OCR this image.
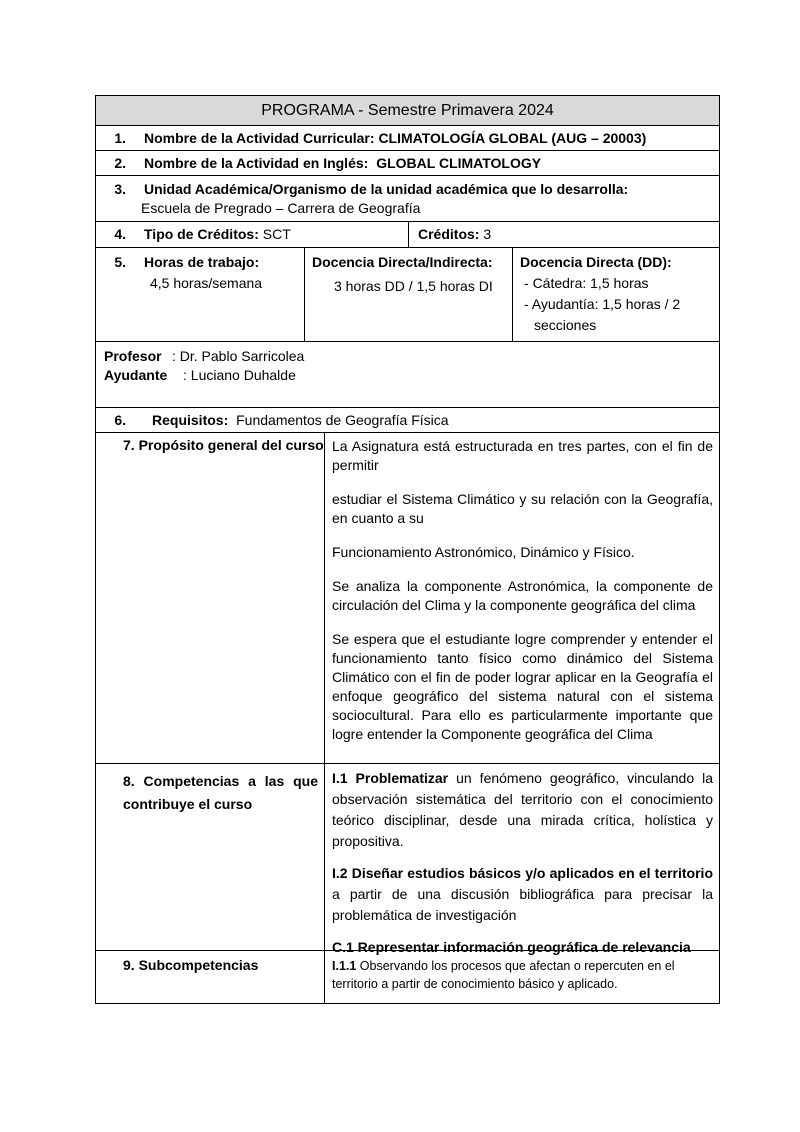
PROGRAMA - Semestre Primavera 2024
1. Nombre de la Actividad Curricular: CLIMATOLOGÍA GLOBAL (AUG – 20003)
2. Nombre de la Actividad en Inglés: GLOBAL CLIMATOLOGY
3. Unidad Académica/Organismo de la unidad académica que lo desarrolla:
Escuela de Pregrado – Carrera de Geografía
4. Tipo de Créditos: SCT	Créditos: 3
5. Horas de trabajo:
4,5 horas/semana
Docencia Directa/Indirecta:
3 horas DD / 1,5 horas DI
Docencia Directa (DD):
- Cátedra: 1,5 horas
- Ayudantía: 1,5 horas / 2
secciones
Profesor : Dr. Pablo Sarricolea
Ayudante : Luciano Duhalde
6. Requisitos: Fundamentos de Geografía Física
7. Propósito general del curso La Asignatura está estructurada en tres partes, con el fin de permitir

estudiar el Sistema Climático y su relación con la Geografía, en cuanto a su

Funcionamiento Astronómico, Dinámico y Físico.

Se analiza la componente Astronómica, la componente de circulación del Clima y la componente geográfica del clima

Se espera que el estudiante logre comprender y entender el funcionamiento tanto físico como dinámico del Sistema Climático con el fin de poder lograr aplicar en la Geografía el enfoque geográfico del sistema natural con el sistema sociocultural. Para ello es particularmente importante que logre entender la Componente geográfica del Clima

8. Competencias a las que contribuye el curso

I.1 Problematizar un fenómeno geográfico, vinculando la observación sistemática del territorio con el conocimiento teórico disciplinar, desde una mirada crítica, holística y propositiva.

I.2 Diseñar estudios básicos y/o aplicados en el territorio a partir de una discusión bibliográfica para precisar la problemática de investigación

C.1 Representar información geográfica de relevancia

9. Subcompetencias	I.1.1 Observando los procesos que afectan o repercuten en el territorio a partir de conocimiento básico y aplicado.
